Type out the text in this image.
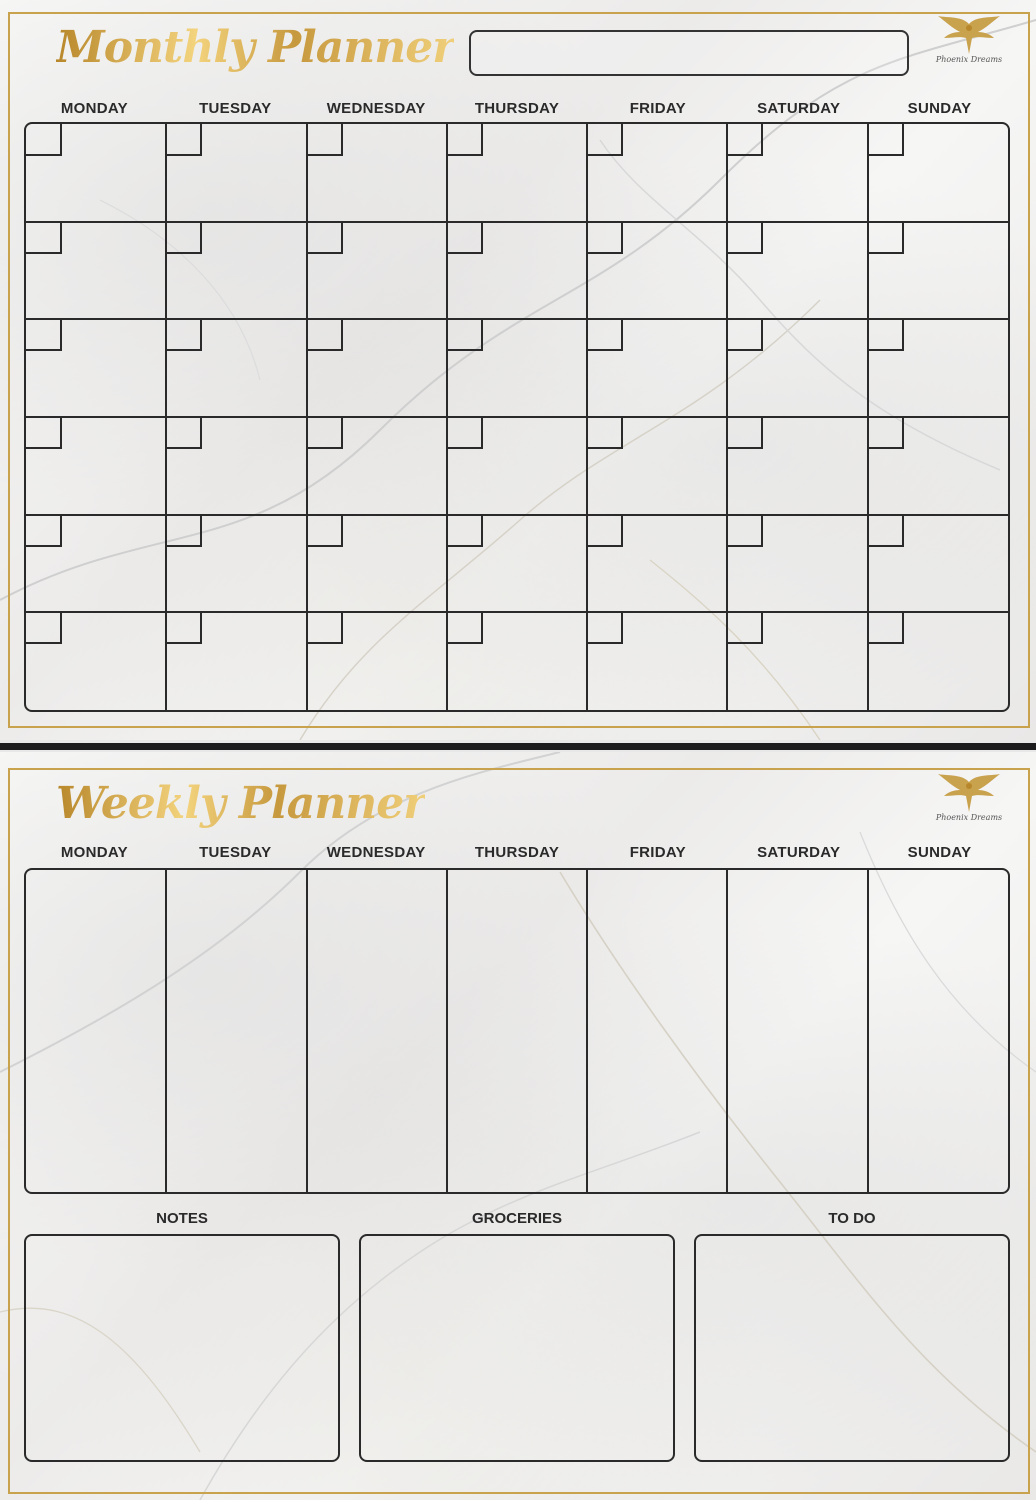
Monthly Planner	Phoenix Dreams
MONDAY	TUESDAY	WEDNESDAY	THURSDAY	FRIDAY	SATURDAY	SUNDAY
Weekly Planner	Phoenix Dreams
MONDAY	TUESDAY	WEDNESDAY	THURSDAY	FRIDAY	SATURDAY	SUNDAY
NOTES	GROCERIES	TO DO
